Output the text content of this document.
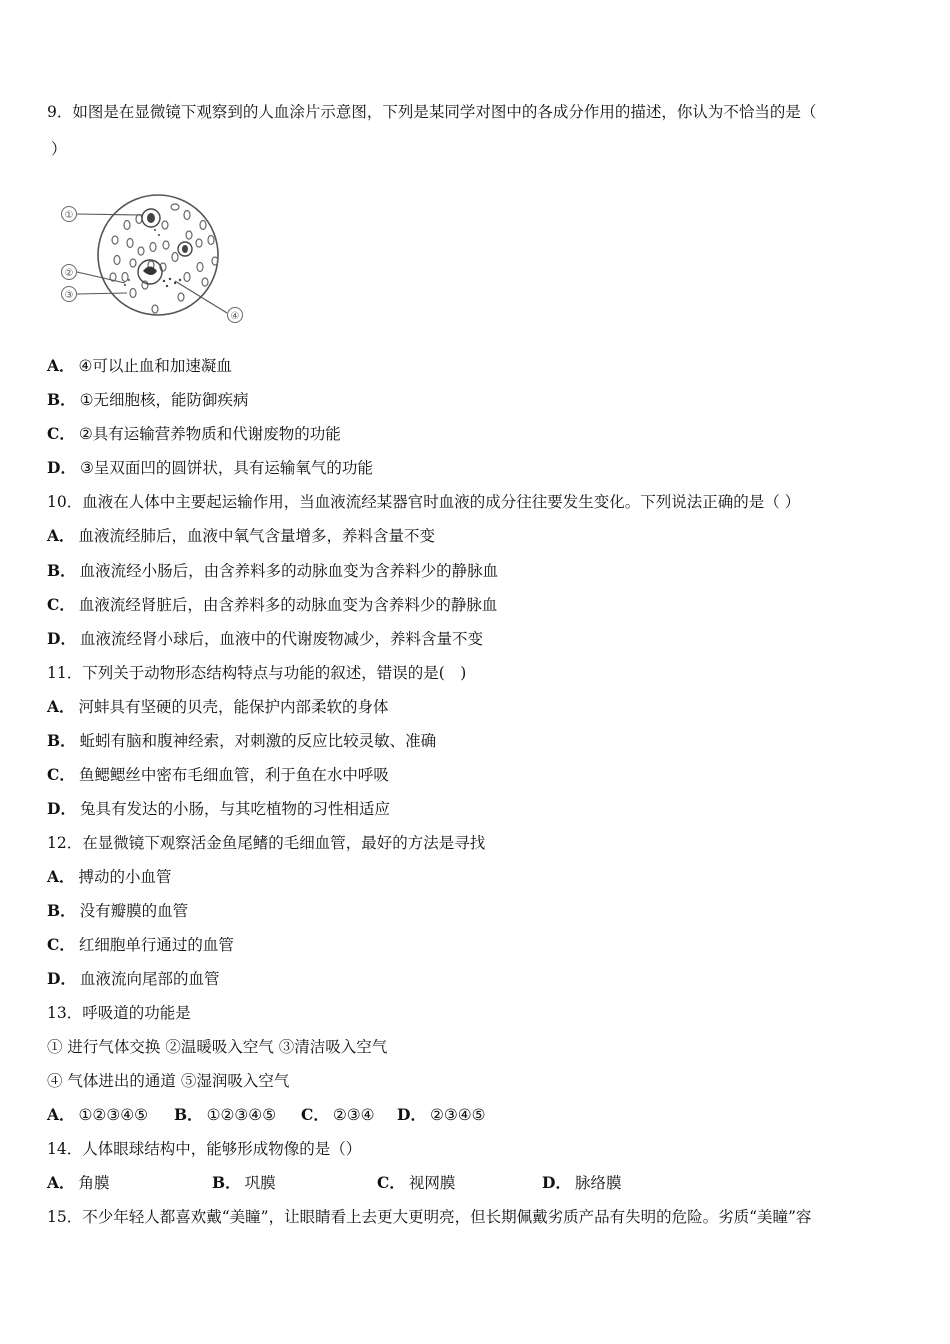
9．如图是在显微镜下观察到的人血涂片示意图，下列是某同学对图中的各成分作用的描述，你认为不恰当的是（
）
①
②
③
④
A． ④可以止血和加速凝血
B． ①无细胞核，能防御疾病
C． ②具有运输营养物质和代谢废物的功能
D． ③呈双面凹的圆饼状，具有运输氧气的功能
10．血液在人体中主要起运输作用，当血液流经某器官时血液的成分往往要发生变化。下列说法正确的是（ ）
A． 血液流经肺后，血液中氧气含量增多，养料含量不变
B． 血液流经小肠后，由含养料多的动脉血变为含养料少的静脉血
C． 血液流经肾脏后，由含养料多的动脉血变为含养料少的静脉血
D． 血液流经肾小球后，血液中的代谢废物减少，养料含量不变
11．下列关于动物形态结构特点与功能的叙述，错误的是(　)
A． 河蚌具有坚硬的贝壳，能保护内部柔软的身体
B． 蚯蚓有脑和腹神经索，对刺激的反应比较灵敏、准确
C． 鱼鳃鳃丝中密布毛细血管，利于鱼在水中呼吸
D． 兔具有发达的小肠，与其吃植物的习性相适应
12．在显微镜下观察活金鱼尾鳍的毛细血管，最好的方法是寻找
A． 搏动的小血管
B． 没有瓣膜的血管
C． 红细胞单行通过的血管
D． 血液流向尾部的血管
13．呼吸道的功能是
① 进行气体交换 ②温暖吸入空气 ③清洁吸入空气
④ 气体进出的通道 ⑤湿润吸入空气
A． ①②③④⑤ B． ①②③④⑤ C． ②③④ D． ②③④⑤
14．人体眼球结构中，能够形成物像的是（）
A． 角膜	B． 巩膜	C． 视网膜	D． 脉络膜
15．不少年轻人都喜欢戴“美瞳”，让眼睛看上去更大更明亮，但长期佩戴劣质产品有失明的危险。劣质“美瞳”容
